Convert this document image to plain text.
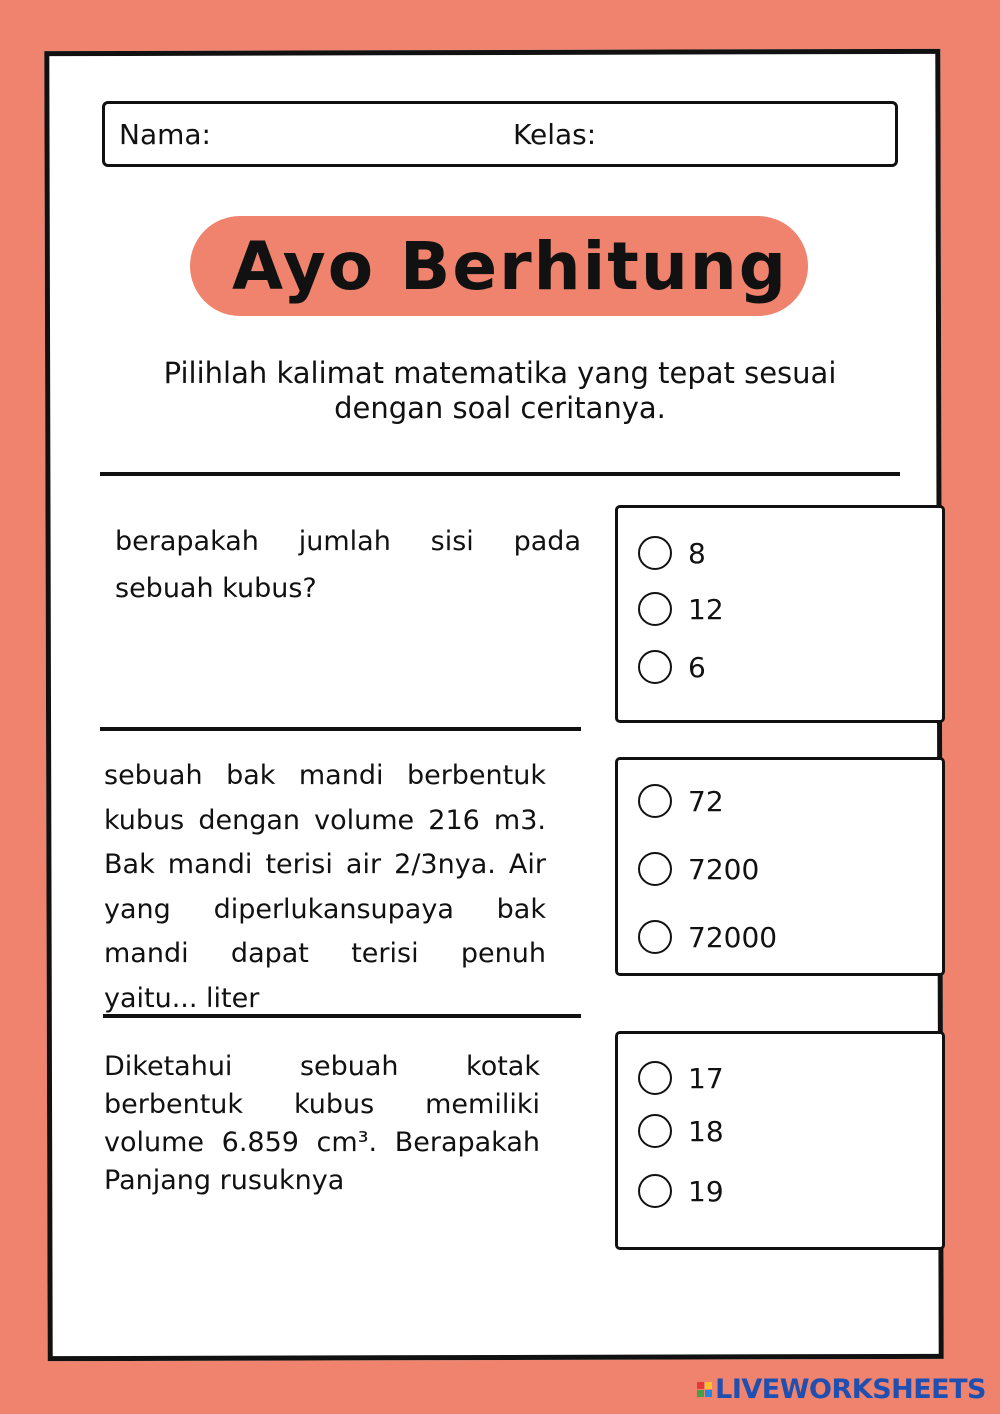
Nama:	Kelas:
Ayo Berhitung
Pilihlah kalimat matematika yang tepat sesuai dengan soal ceritanya.
berapakah jumlah sisi pada sebuah kubus?
8
12
6
sebuah bak mandi berbentuk kubus dengan volume 216 m3. Bak mandi terisi air 2/3nya. Air yang diperlukansupaya bak mandi dapat terisi penuh yaitu... liter
72
7200
72000
Diketahui sebuah kotak berbentuk kubus memiliki volume 6.859 cm³. Berapakah Panjang rusuknya
17
18
19
LIVEWORKSHEETS
